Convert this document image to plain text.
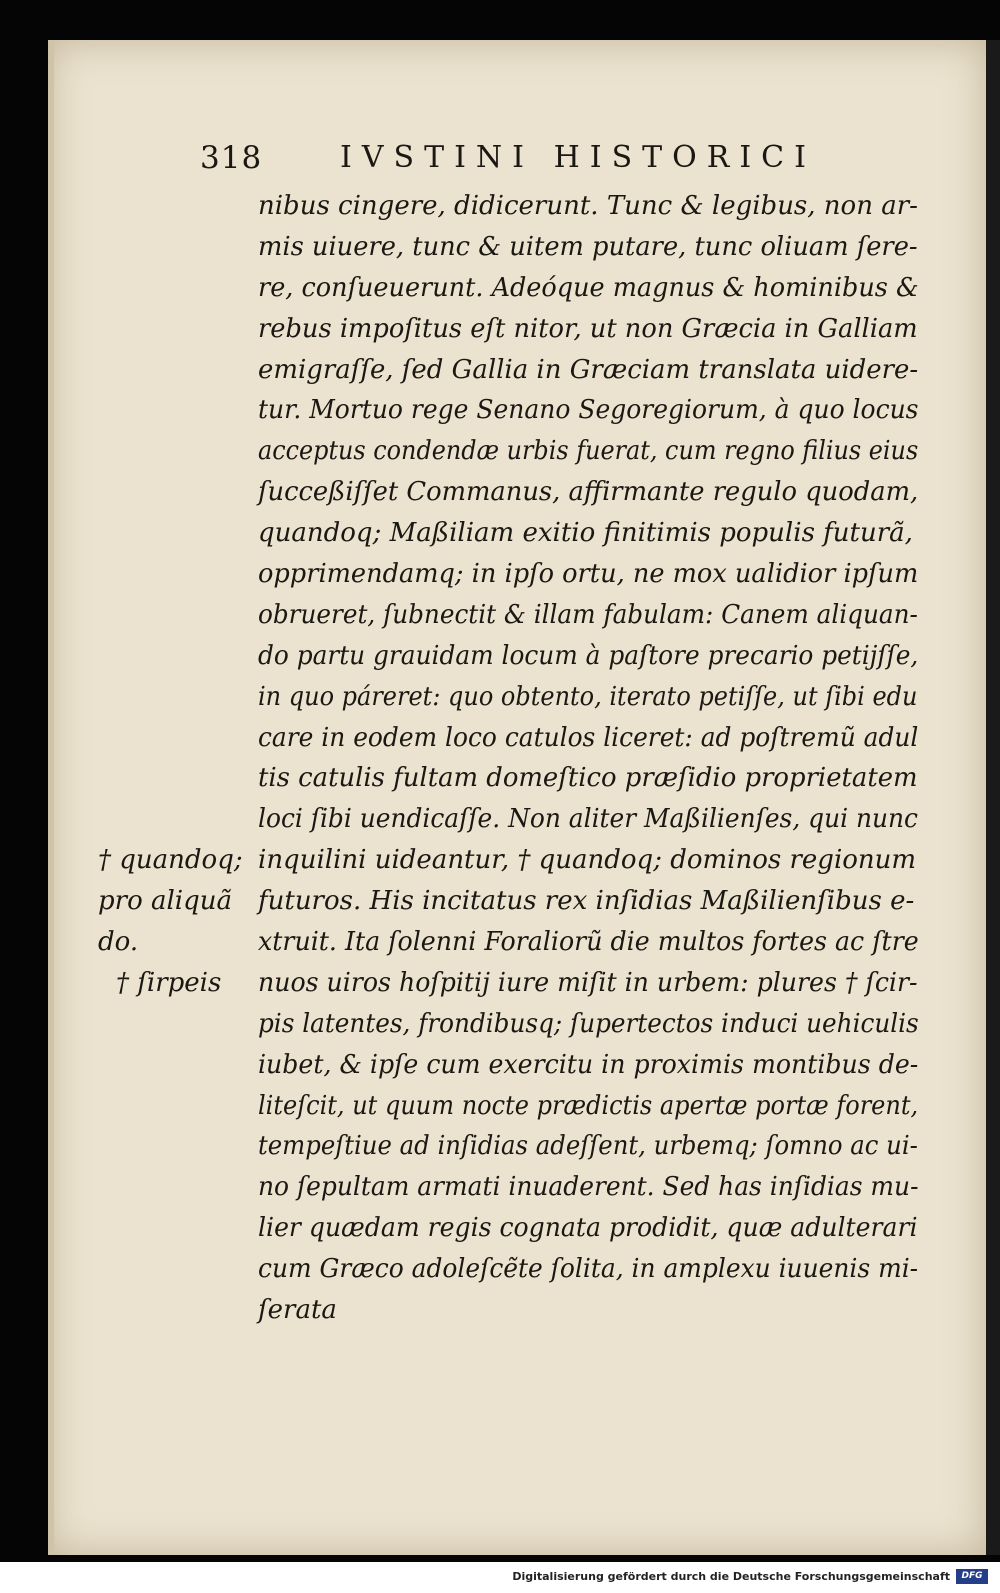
318	IVSTINI HISTORICI
nibus cingere, didicerunt. Tunc & legibus, non ar-
mis uiuere, tunc & uitem putare, tunc oliuam ſere-
re, conſueuerunt. Adeóque magnus & hominibus &
rebus impoſitus eſt nitor, ut non Græcia in Galliam
emigraſſe, ſed Gallia in Græciam translata uidere-
tur. Mortuo rege Senano Segoregiorum, à quo locus
acceptus condendæ urbis fuerat, cum regno filius eius
ſucceßiſſet Commanus, affirmante regulo quodam,
quandoq; Maßiliam exitio finitimis populis futurã,
opprimendamq; in ipſo ortu, ne mox ualidior ipſum
obrueret, ſubnectit & illam fabulam: Canem aliquan-
do partu grauidam locum à paſtore precario petijſſe,
in quo páreret: quo obtento, iterato petiſſe, ut ſibi edu
care in eodem loco catulos liceret: ad poſtremũ adul
tis catulis fultam domeſtico præſidio proprietatem
loci ſibi uendicaſſe. Non aliter Maßilienſes, qui nunc
inquilini uideantur, † quandoq; dominos regionum
futuros. His incitatus rex inſidias Maßilienſibus e-
xtruit. Ita ſolenni Foraliorũ die multos fortes ac ſtre
nuos uiros hoſpitij iure miſit in urbem: plures † ſcir-
pis latentes, frondibusq; ſupertectos induci uehiculis
iubet, & ipſe cum exercitu in proximis montibus de-
liteſcit, ut quum nocte prædictis apertæ portæ forent,
tempeſtiue ad inſidias adeſſent, urbemq; ſomno ac ui-
no ſepultam armati inuaderent. Sed has inſidias mu-
lier quædam regis cognata prodidit, quæ adulterari
cum Græco adoleſcẽte ſolita, in amplexu iuuenis mi-
ſerata
† quandoq;
pro aliquã
do.
† ſirpeis
Digitalisierung gefördert durch die Deutsche Forschungsgemeinschaft	DFG
